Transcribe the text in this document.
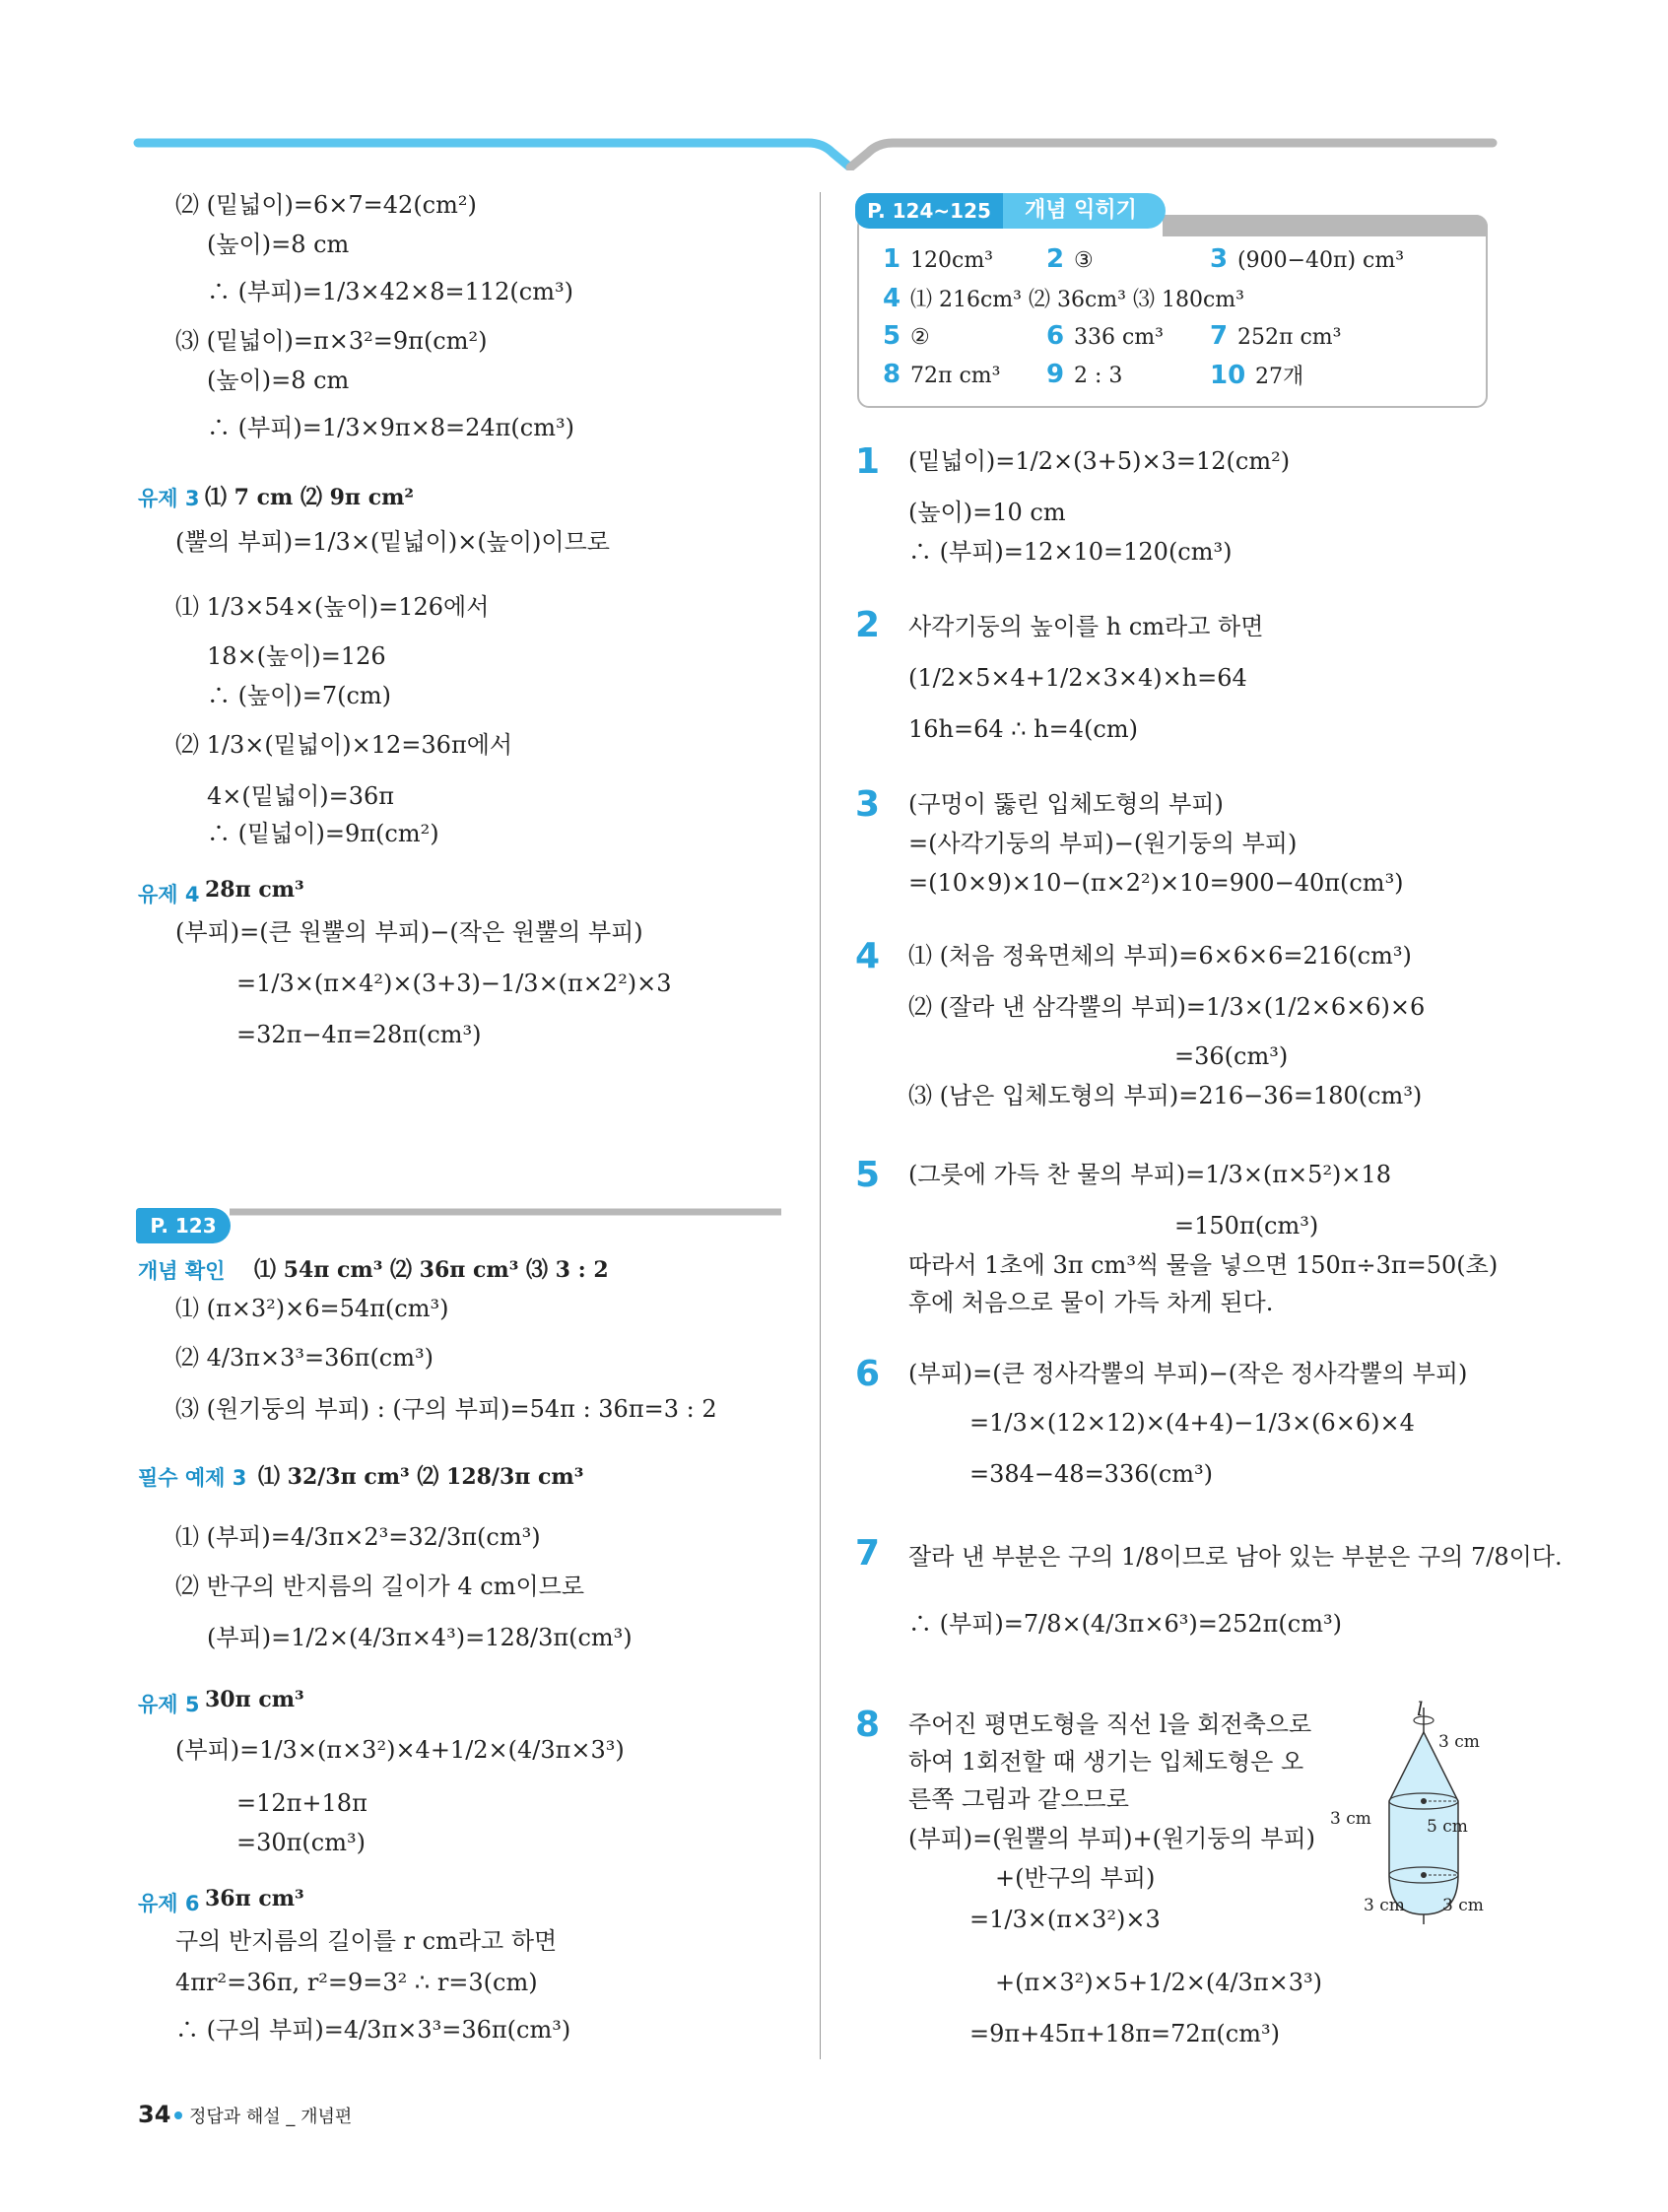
⑵ (밑넓이)=6×7=42(cm²)
(높이)=8 cm
∴ (부피)=1/3×42×8=112(cm³)
⑶ (밑넓이)=π×3²=9π(cm²)
(높이)=8 cm
∴ (부피)=1/3×9π×8=24π(cm³)
유제 3 ⑴ 7 cm ⑵ 9π cm²
(뿔의 부피)=1/3×(밑넓이)×(높이)이므로
⑴ 1/3×54×(높이)=126에서
18×(높이)=126
∴ (높이)=7(cm)
⑵ 1/3×(밑넓이)×12=36π에서
4×(밑넓이)=36π
∴ (밑넓이)=9π(cm²)
유제 4 28π cm³
(부피)=(큰 원뿔의 부피)−(작은 원뿔의 부피)
=1/3×(π×4²)×(3+3)−1/3×(π×2²)×3
=32π−4π=28π(cm³)
P. 123
개념 확인 ⑴ 54π cm³ ⑵ 36π cm³ ⑶ 3 : 2
⑴ (π×3²)×6=54π(cm³)
⑵ 4/3π×3³=36π(cm³)
⑶ (원기둥의 부피) : (구의 부피)=54π : 36π=3 : 2
필수 예제 3 ⑴ 32/3π cm³ ⑵ 128/3π cm³
⑴ (부피)=4/3π×2³=32/3π(cm³)
⑵ 반구의 반지름의 길이가 4 cm이므로
(부피)=1/2×(4/3π×4³)=128/3π(cm³)
유제 5 30π cm³
(부피)=1/3×(π×3²)×4+1/2×(4/3π×3³)
=12π+18π
=30π(cm³)
유제 6 36π cm³
구의 반지름의 길이를 r cm라고 하면
4πr²=36π, r²=9=3² ∴ r=3(cm)
∴ (구의 부피)=4/3π×3³=36π(cm³)
P. 124~125	개념 익히기
1 120cm³ 2 ③	3 (900−40π) cm³
4 ⑴ 216cm³ ⑵ 36cm³ ⑶ 180cm³
5 ②	6 336 cm³ 7 252π cm³
8 72π cm³ 9 2 : 3	10 27개
1 (밑넓이)=1/2×(3+5)×3=12(cm²)
(높이)=10 cm
∴ (부피)=12×10=120(cm³)
2 사각기둥의 높이를 h cm라고 하면
(1/2×5×4+1/2×3×4)×h=64
16h=64 ∴ h=4(cm)
3 (구멍이 뚫린 입체도형의 부피)
=(사각기둥의 부피)−(원기둥의 부피)
=(10×9)×10−(π×2²)×10=900−40π(cm³)
4 ⑴ (처음 정육면체의 부피)=6×6×6=216(cm³)
⑵ (잘라 낸 삼각뿔의 부피)=1/3×(1/2×6×6)×6
=36(cm³)
⑶ (남은 입체도형의 부피)=216−36=180(cm³)
5 (그릇에 가득 찬 물의 부피)=1/3×(π×5²)×18
=150π(cm³)
따라서 1초에 3π cm³씩 물을 넣으면 150π÷3π=50(초)
후에 처음으로 물이 가득 차게 된다.
6 (부피)=(큰 정사각뿔의 부피)−(작은 정사각뿔의 부피)
=1/3×(12×12)×(4+4)−1/3×(6×6)×4
=384−48=336(cm³)
7 잘라 낸 부분은 구의 1/8이므로 남아 있는 부분은 구의 7/8이다.
∴ (부피)=7/8×(4/3π×6³)=252π(cm³)
8 주어진 평면도형을 직선 l을 회전축으로
하여 1회전할 때 생기는 입체도형은 오
른쪽 그림과 같으므로
(부피)=(원뿔의 부피)+(원기둥의 부피)
+(반구의 부피)
=1/3×(π×3²)×3
+(π×3²)×5+1/2×(4/3π×3³)
=9π+45π+18π=72π(cm³)
l
3 cm
3 cm	5 cm
3 cm 3 cm
34 정답과 해설 _ 개념편
